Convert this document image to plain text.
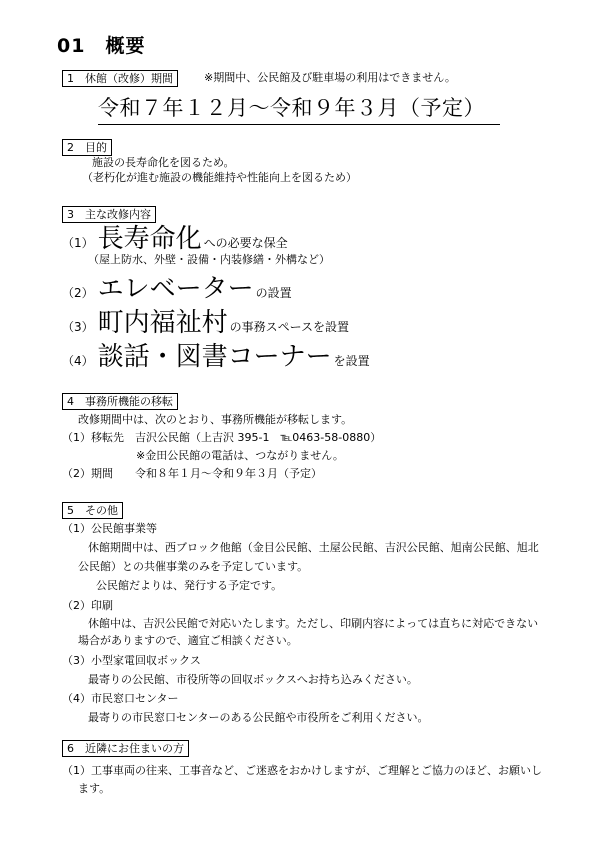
01　概要
1　休館（改修）期間	※期間中、公民館及び駐車場の利用はできません。
令和７年１２月～令和９年３月（予定）
2　目的
施設の長寿命化を図るため。
（老朽化が進む施設の機能維持や性能向上を図るため）
3　主な改修内容
（1） 長寿命化 への必要な保全
（屋上防水、外壁・設備・内装修繕・外構など）
（2） エレベーター の設置
（3） 町内福祉村 の事務スペースを設置
（4） 談話・図書コーナー を設置
4　事務所機能の移転
改修期間中は、次のとおり、事務所機能が移転します。
（1）移転先　吉沢公民館（上吉沢 395-1　℡0463-58-0880）
※金田公民館の電話は、つながりません。
（2）期間　　令和８年１月～令和９年３月（予定）
5　その他
（1）公民館事業等
休館期間中は、西ブロック他館（金目公民館、土屋公民館、吉沢公民館、旭南公民館、旭北
公民館）との共催事業のみを予定しています。
公民館だよりは、発行する予定です。
（2）印刷
休館中は、吉沢公民館で対応いたします。ただし、印刷内容によっては直ちに対応できない
場合がありますので、適宜ご相談ください。
（3）小型家電回収ボックス
最寄りの公民館、市役所等の回収ボックスへお持ち込みください。
（4）市民窓口センター
最寄りの市民窓口センターのある公民館や市役所をご利用ください。
6　近隣にお住まいの方
（1）工事車両の往来、工事音など、ご迷惑をおかけしますが、ご理解とご協力のほど、お願いし
ます。
